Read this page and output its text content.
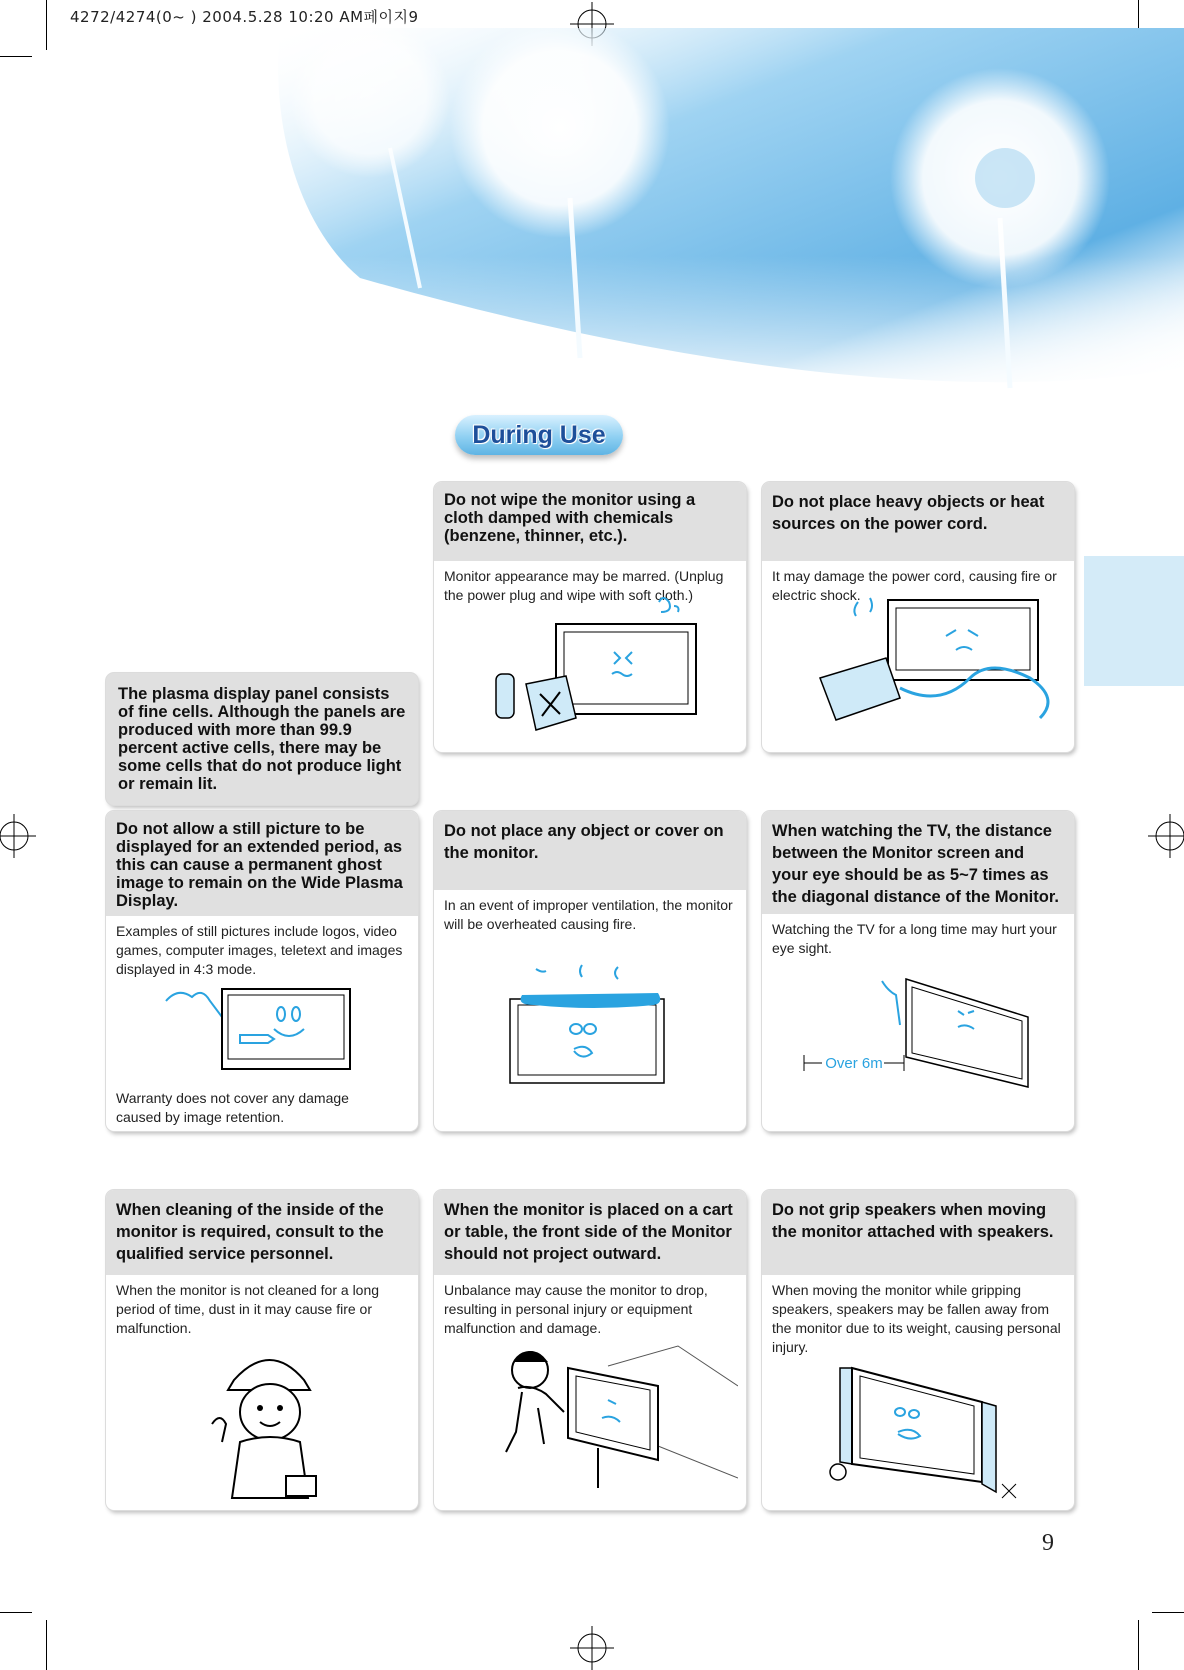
4272/4274(0~ ) 2004.5.28 10:20 AM페이지9
During Use
The plasma display panel consists of fine cells. Although the panels are produced with more than 99.9 percent active cells, there may be some cells that do not produce light or remain lit.
Do not allow a still picture to be displayed for an extended period, as this can cause a permanent ghost image to remain on the Wide Plasma Display.
Examples of still pictures include logos, video games, computer images, teletext and images displayed in 4:3 mode.
Warranty does not cover any damage caused by image retention.
Do not wipe the monitor using a cloth damped with chemicals (benzene, thinner, etc.).
Monitor appearance may be marred. (Unplug the power plug and wipe with soft cloth.)
Do not place heavy objects or heat sources on the power cord.
It may damage the power cord, causing fire or electric shock.
Do not place any object or cover on the monitor.
In an event of improper ventilation, the monitor will be overheated causing fire.
When watching the TV, the distance between the Monitor screen and your eye should be as 5~7 times as the diagonal distance of the Monitor.
Watching the TV for a long time may hurt your eye sight.
Over 6m
When cleaning of the inside of the monitor is required, consult to the qualified service personnel.
When the monitor is not cleaned for a long period of time, dust in it may cause fire or malfunction.
When the monitor is placed on a cart or table, the front side of the Monitor should not project outward.
Unbalance may cause the monitor to drop, resulting in personal injury or equipment malfunction and damage.
Do not grip speakers when moving the monitor attached with speakers.
When moving the monitor while gripping speakers, speakers may be fallen away from the monitor due to its weight, causing personal injury.
9
